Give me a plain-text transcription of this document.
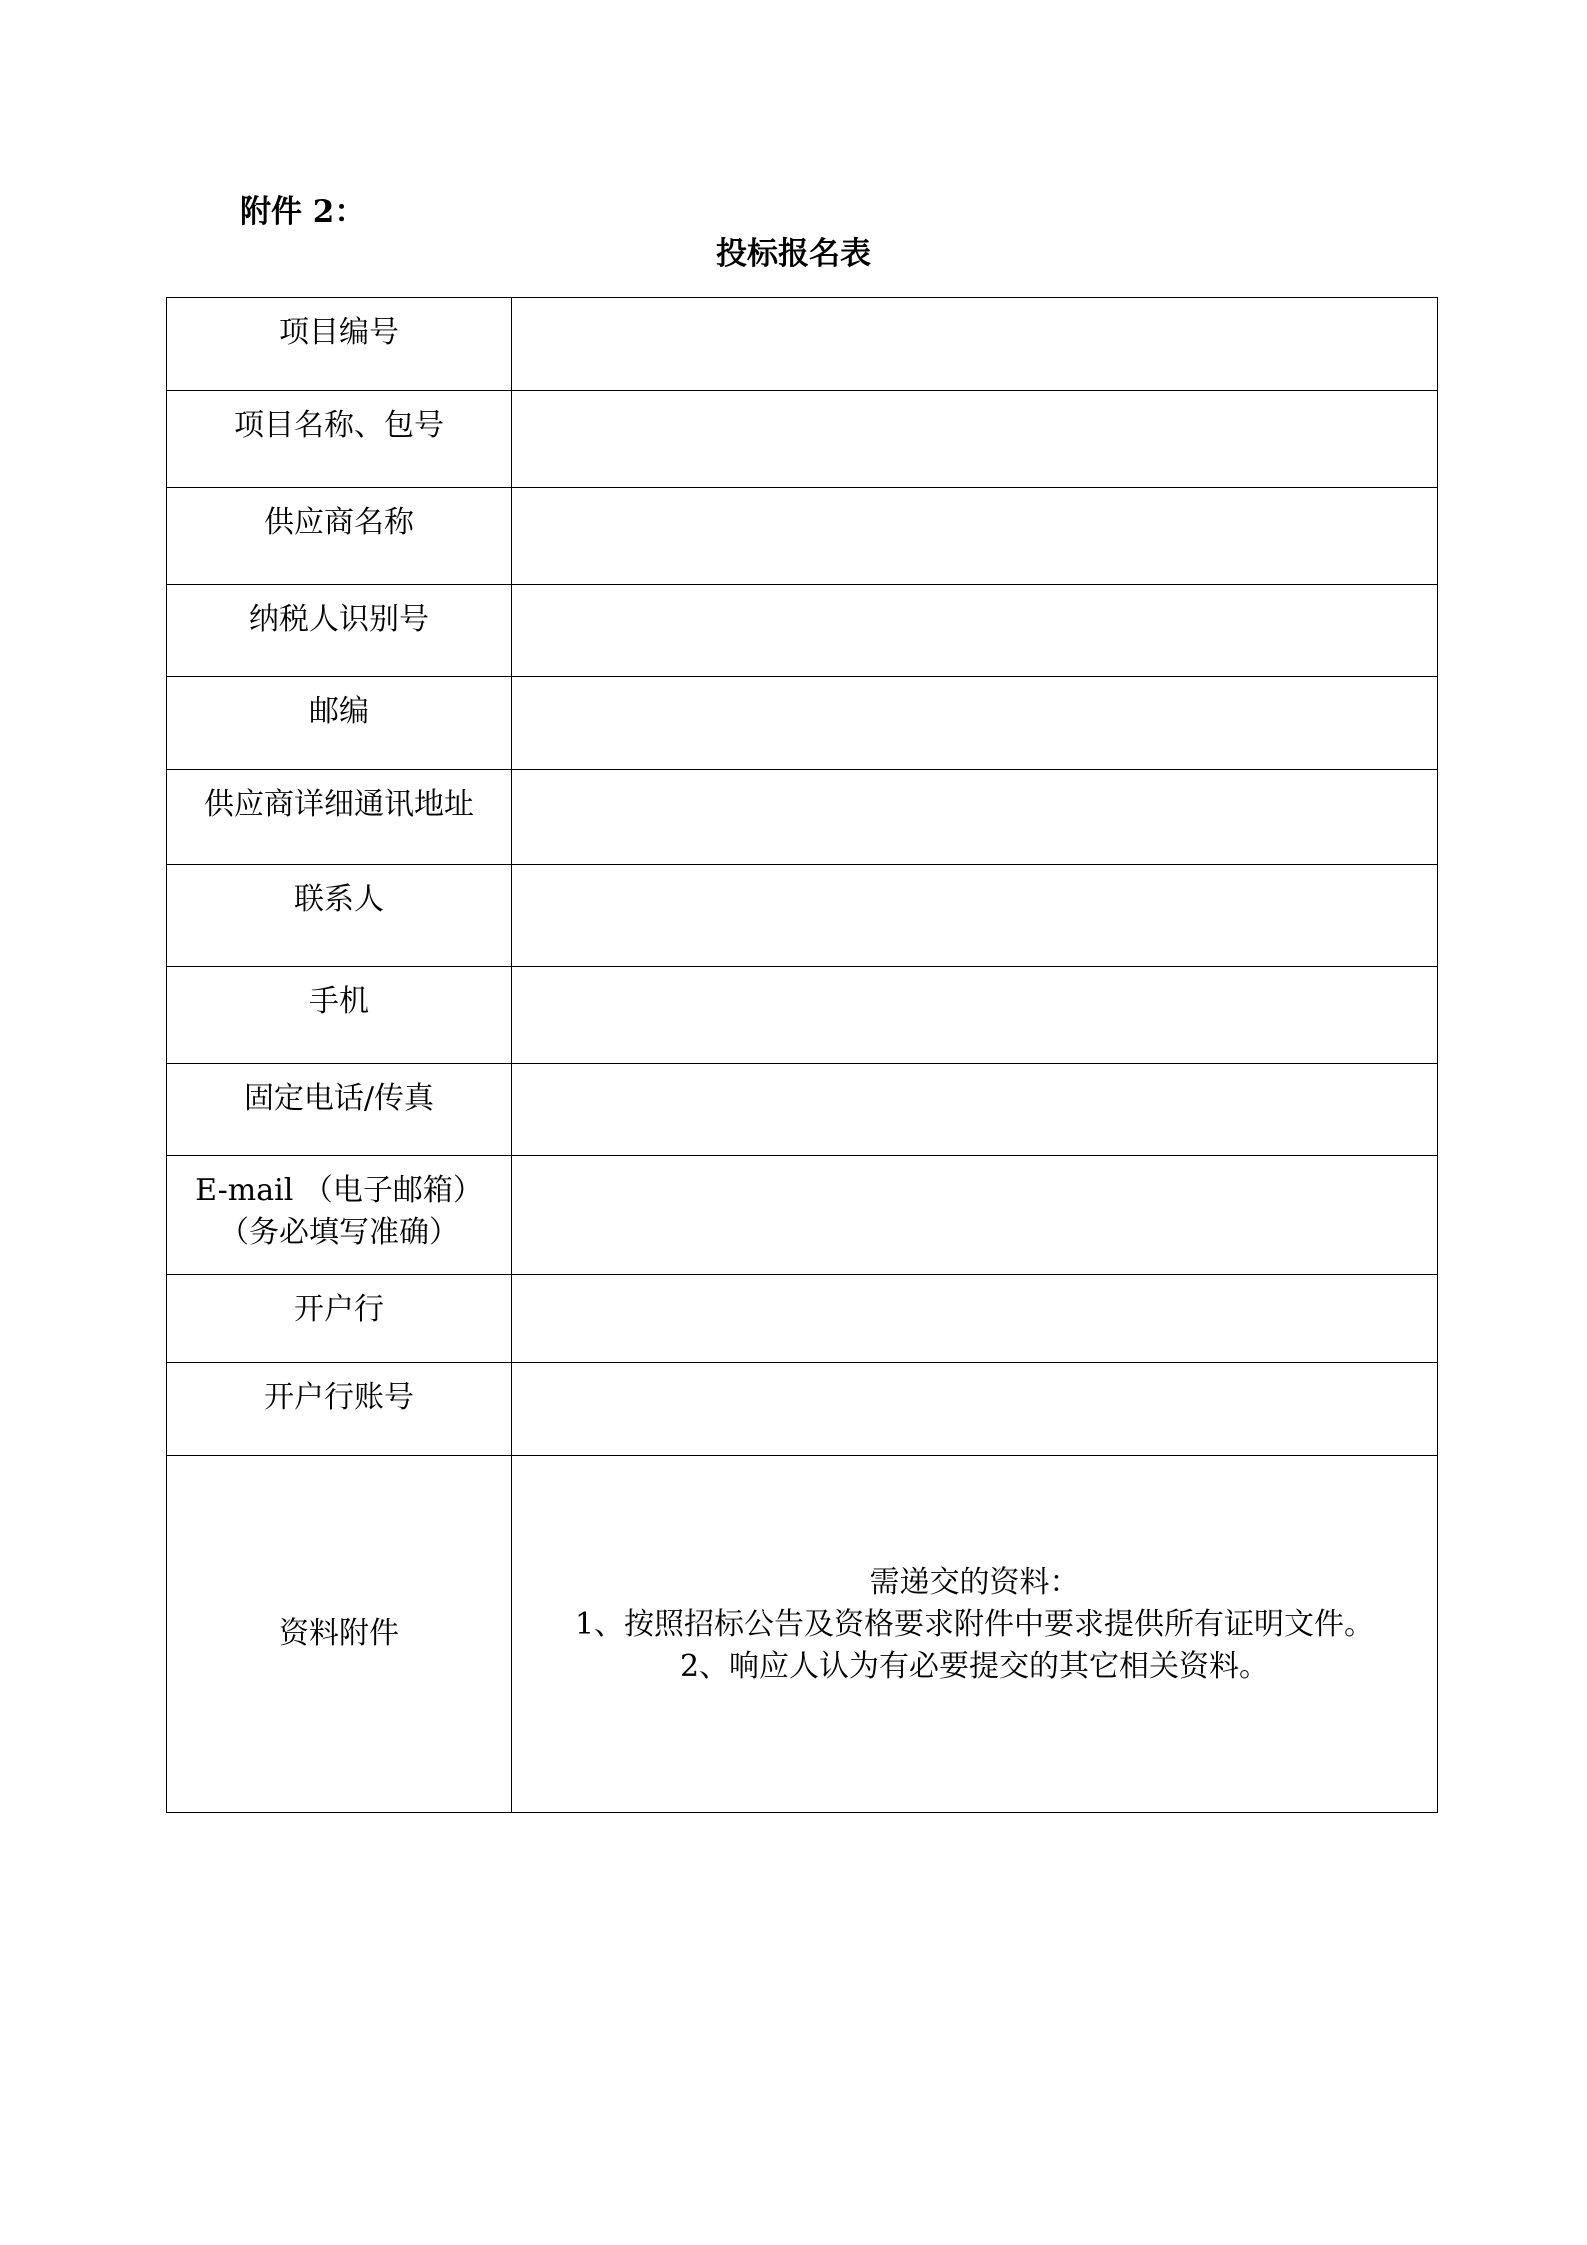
附件 2：
投标报名表
项目编号	
项目名称、包号	
供应商名称	
纳税人识别号	
邮编	
供应商详细通讯地址	
联系人	
手机	
固定电话/传真	

E-mail （电子邮箱）
（务必填写准确）	

开户行	
开户行账号	
资料附件	需递交的资料：
1、按照招标公告及资格要求附件中要求提供所有证明文件。
2、响应人认为有必要提交的其它相关资料。
